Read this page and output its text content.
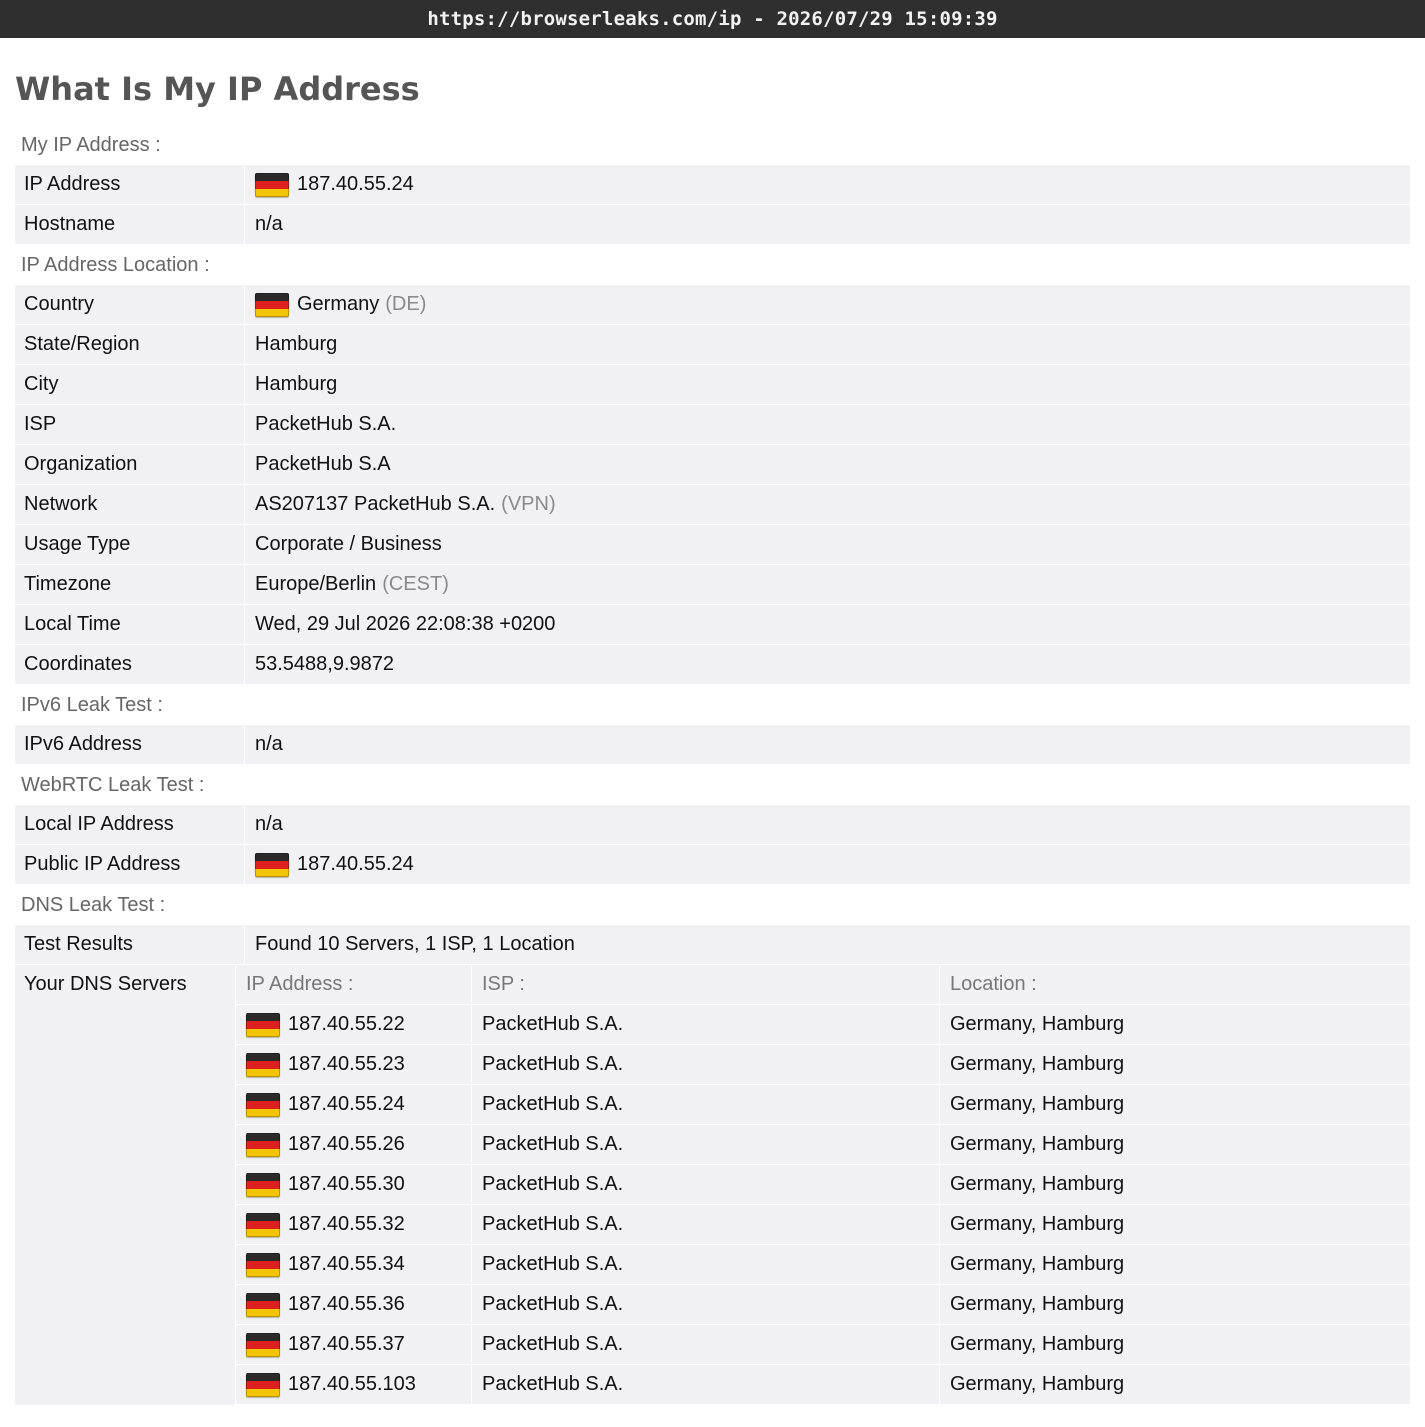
https://browserleaks.com/ip - 2026/07/29 15:09:39
What Is My IP Address
My IP Address :
IP Address	187.40.55.24
Hostname	n/a
IP Address Location :
Country	Germany (DE)
State/Region	Hamburg
City	Hamburg
ISP	PacketHub S.A.
Organization	PacketHub S.A
Network	AS207137 PacketHub S.A. (VPN)
Usage Type	Corporate / Business
Timezone	Europe/Berlin (CEST)
Local Time	Wed, 29 Jul 2026 22:08:38 +0200
Coordinates	53.5488,9.9872
IPv6 Leak Test :
IPv6 Address	n/a
WebRTC Leak Test :
Local IP Address	n/a
Public IP Address	187.40.55.24
DNS Leak Test :
Test Results	Found 10 Servers, 1 ISP, 1 Location
Your DNS Servers	IP Address :	ISP :	Location :
187.40.55.22	PacketHub S.A.	Germany, Hamburg
187.40.55.23	PacketHub S.A.	Germany, Hamburg
187.40.55.24	PacketHub S.A.	Germany, Hamburg
187.40.55.26	PacketHub S.A.	Germany, Hamburg
187.40.55.30	PacketHub S.A.	Germany, Hamburg
187.40.55.32	PacketHub S.A.	Germany, Hamburg
187.40.55.34	PacketHub S.A.	Germany, Hamburg
187.40.55.36	PacketHub S.A.	Germany, Hamburg
187.40.55.37	PacketHub S.A.	Germany, Hamburg
187.40.55.103	PacketHub S.A.	Germany, Hamburg
